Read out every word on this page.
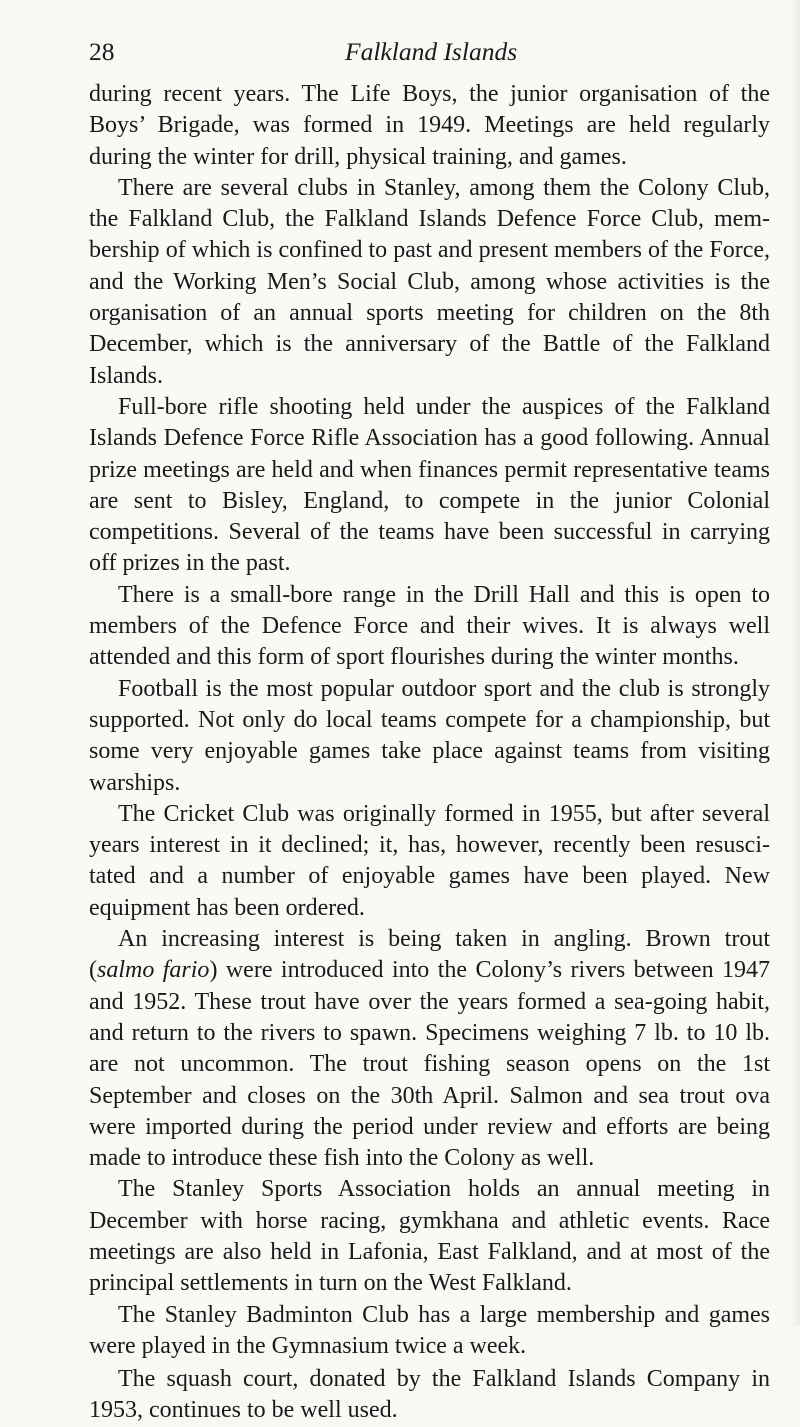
28	Falkland Islands

during recent years. The Life Boys, the junior organisation of the Boys’ Brigade, was formed in 1949. Meetings are held regularly during the winter for drill, physical training, and games.

There are several clubs in Stanley, among them the Colony Club, the Falkland Club, the Falkland Islands Defence Force Club, membership of which is confined to past and present members of the Force, and the Working Men’s Social Club, among whose activities is the organisation of an annual sports meeting for children on the 8th December, which is the anniversary of the Battle of the Falkland Islands.

Full-bore rifle shooting held under the auspices of the Falkland Islands Defence Force Rifle Association has a good following. Annual prize meetings are held and when finances permit representative teams are sent to Bisley, England, to compete in the junior Colonial competitions. Several of the teams have been successful in carrying off prizes in the past.

There is a small-bore range in the Drill Hall and this is open to members of the Defence Force and their wives. It is always well attended and this form of sport flourishes during the winter months.

Football is the most popular outdoor sport and the club is strongly supported. Not only do local teams compete for a championship, but some very enjoyable games take place against teams from visiting warships.

The Cricket Club was originally formed in 1955, but after several years interest in it declined; it, has, however, recently been resuscitated and a number of enjoyable games have been played. New equipment has been ordered.

An increasing interest is being taken in angling. Brown trout (salmo fario) were introduced into the Colony’s rivers between 1947 and 1952. These trout have over the years formed a sea-going habit, and return to the rivers to spawn. Specimens weighing 7 lb. to 10 lb. are not uncommon. The trout fishing season opens on the 1st September and closes on the 30th April. Salmon and sea trout ova were imported during the period under review and efforts are being made to introduce these fish into the Colony as well.

The Stanley Sports Association holds an annual meeting in December with horse racing, gymkhana and athletic events. Race meetings are also held in Lafonia, East Falkland, and at most of the principal settlements in turn on the West Falkland.

The Stanley Badminton Club has a large membership and games were played in the Gymnasium twice a week.

The squash court, donated by the Falkland Islands Company in 1953, continues to be well used.
